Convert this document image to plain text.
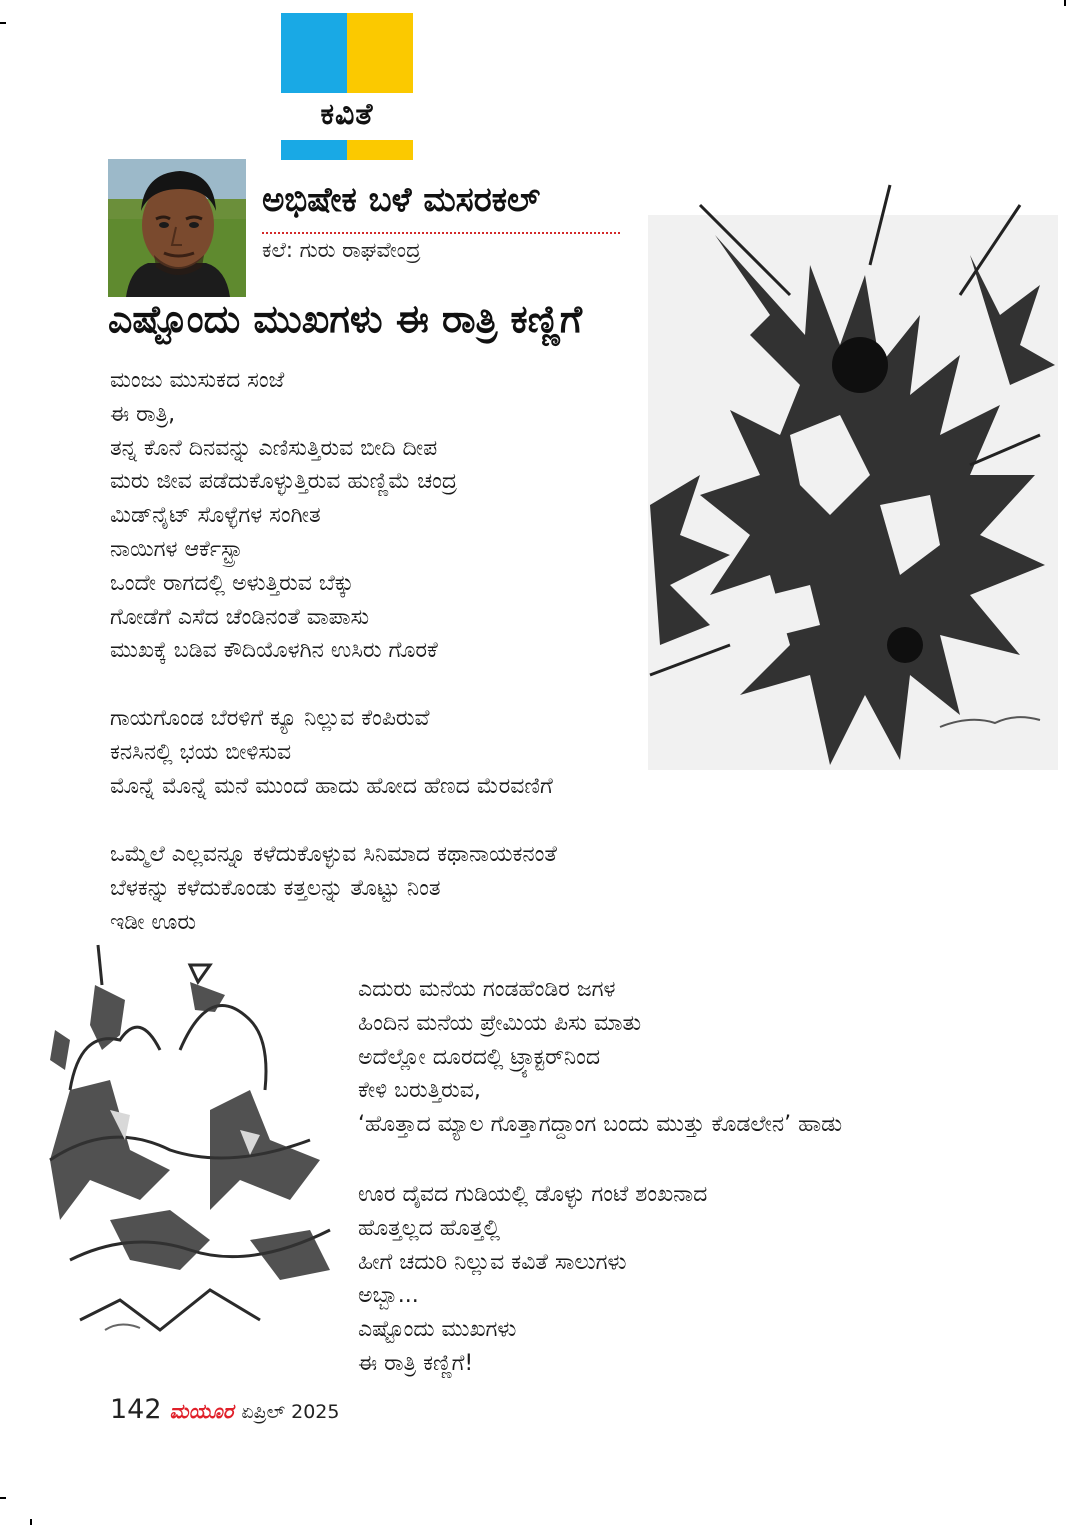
ಕವಿತೆ
ಅಭಿಷೇಕ ಬಳೆ ಮಸರಕಲ್
ಕಲೆ: ಗುರು ರಾಘವೇಂದ್ರ
ಎಷ್ಟೊಂದು ಮುಖಗಳು ಈ ರಾತ್ರಿ ಕಣ್ಣಿಗೆ
ಮಂಜು ಮುಸುಕದ ಸಂಜೆ
ಈ ರಾತ್ರಿ,
ತನ್ನ ಕೊನೆ ದಿನವನ್ನು ಎಣಿಸುತ್ತಿರುವ ಬೀದಿ ದೀಪ
ಮರು ಜೀವ ಪಡೆದುಕೊಳ್ಳುತ್ತಿರುವ ಹುಣ್ಣಿಮೆ ಚಂದ್ರ
ಮಿಡ್‌ನೈಟ್ ಸೊಳ್ಳೆಗಳ ಸಂಗೀತ
ನಾಯಿಗಳ ಆರ್ಕೆಸ್ಟ್ರಾ
ಒಂದೇ ರಾಗದಲ್ಲಿ ಅಳುತ್ತಿರುವ ಬೆಕ್ಕು
ಗೋಡೆಗೆ ಎಸೆದ ಚೆಂಡಿನಂತೆ ವಾಪಾಸು
ಮುಖಕ್ಕೆ ಬಡಿವ ಕೌದಿಯೊಳಗಿನ ಉಸಿರು ಗೊರಕೆ
ಗಾಯಗೊಂಡ ಬೆರಳಿಗೆ ಕ್ಯೂ ನಿಲ್ಲುವ ಕೆಂಪಿರುವೆ
ಕನಸಿನಲ್ಲಿ ಭಯ ಬೀಳಿಸುವ
ಮೊನ್ನೆ ಮೊನ್ನೆ ಮನೆ ಮುಂದೆ ಹಾದು ಹೋದ ಹೆಣದ ಮೆರವಣಿಗೆ
ಒಮ್ಮೆಲೆ ಎಲ್ಲವನ್ನೂ ಕಳೆದುಕೊಳ್ಳುವ ಸಿನಿಮಾದ ಕಥಾನಾಯಕನಂತೆ
ಬೆಳಕನ್ನು ಕಳೆದುಕೊಂಡು ಕತ್ತಲನ್ನು ತೊಟ್ಟು ನಿಂತ
ಇಡೀ ಊರು
ಎದುರು ಮನೆಯ ಗಂಡಹೆಂಡಿರ ಜಗಳ
ಹಿಂದಿನ ಮನೆಯ ಪ್ರೇಮಿಯ ಪಿಸು ಮಾತು
ಅದೆಲ್ಲೋ ದೂರದಲ್ಲಿ ಟ್ರ್ಯಾಕ್ಟರ್‌ನಿಂದ
ಕೇಳಿ ಬರುತ್ತಿರುವ,
‘ಹೊತ್ತಾದ ಮ್ಯಾಲ ಗೊತ್ತಾಗದ್ದಾಂಗ ಬಂದು ಮುತ್ತು ಕೊಡಲೇನ’ ಹಾಡು
ಊರ ದೈವದ ಗುಡಿಯಲ್ಲಿ ಡೊಳ್ಳು ಗಂಟೆ ಶಂಖನಾದ
ಹೊತ್ತಲ್ಲದ ಹೊತ್ತಲ್ಲಿ
ಹೀಗೆ ಚದುರಿ ನಿಲ್ಲುವ ಕವಿತೆ ಸಾಲುಗಳು
ಅಬ್ಬಾ...
ಎಷ್ಟೊಂದು ಮುಖಗಳು
ಈ ರಾತ್ರಿ ಕಣ್ಣಿಗೆ!
142 ಮಯೂರ ಏಪ್ರಿಲ್ 2025
